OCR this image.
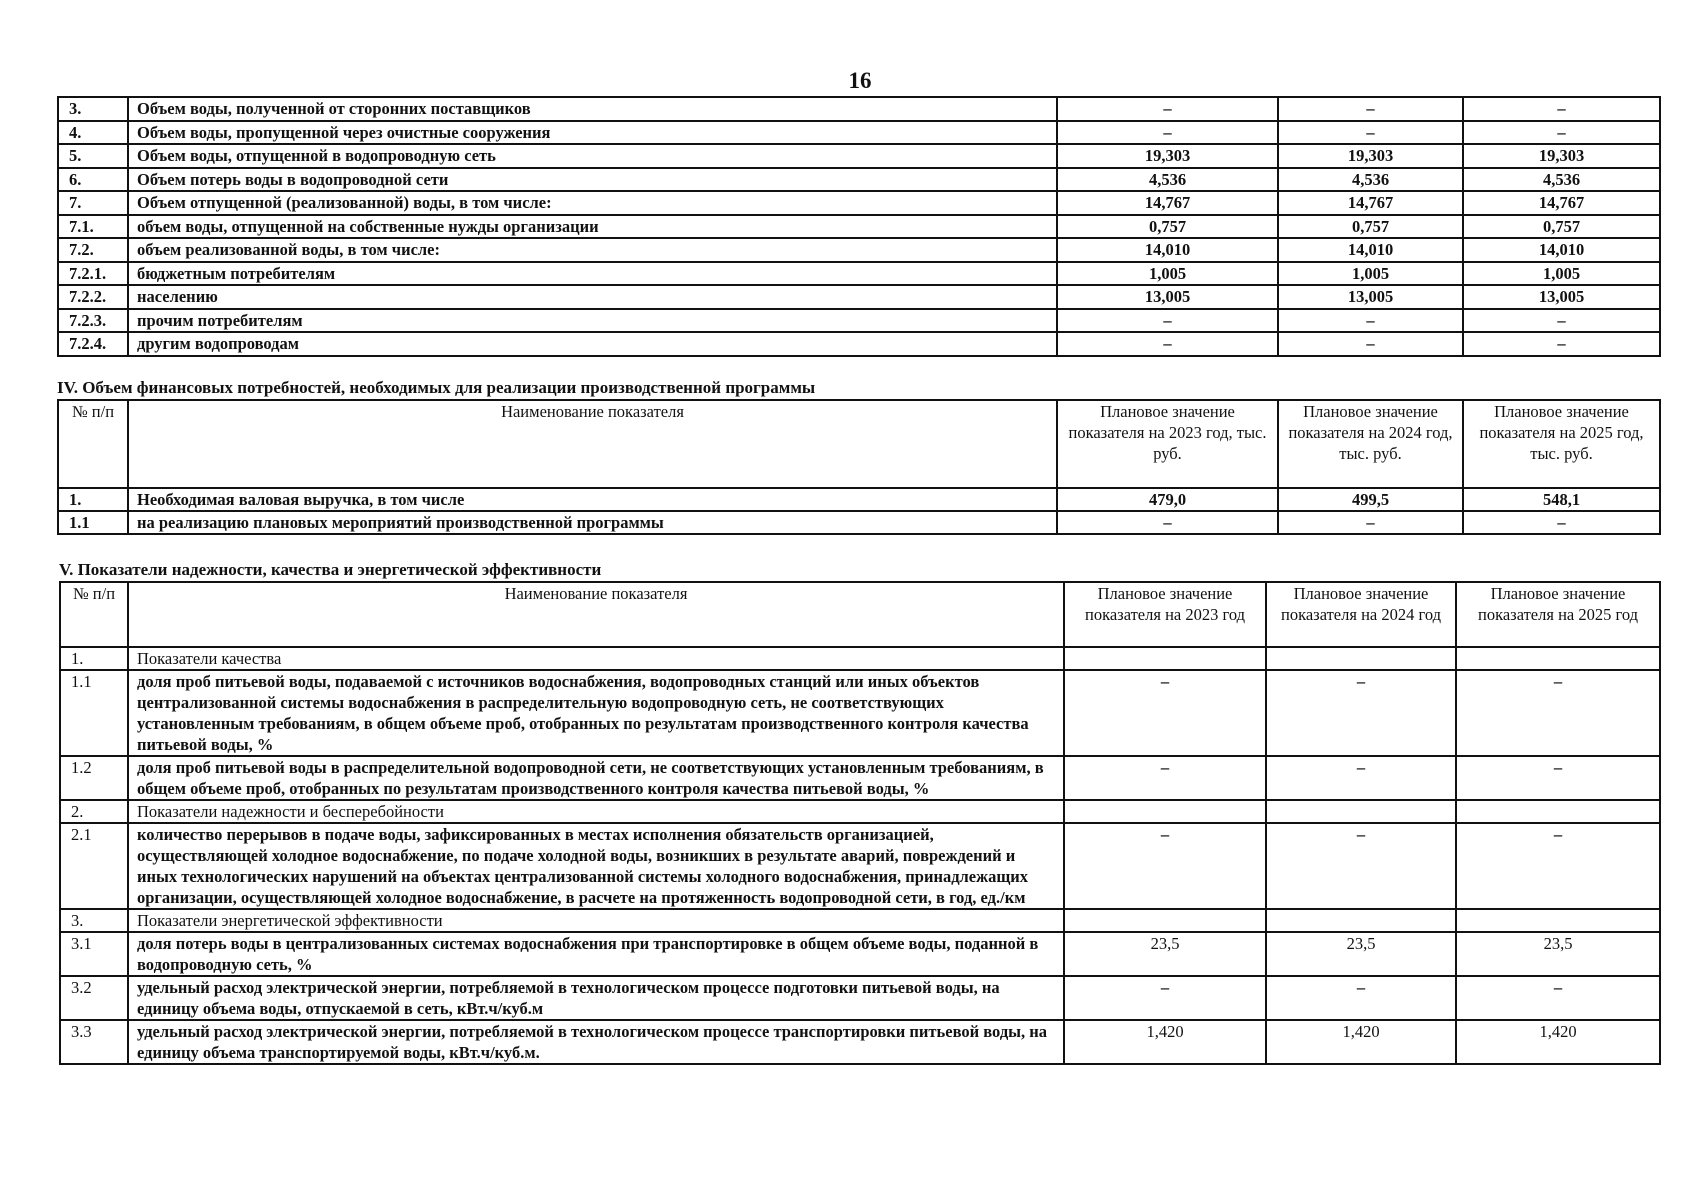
16
3.	Объем воды, полученной от сторонних поставщиков	–	–	–
4.	Объем воды, пропущенной через очистные сооружения	–	–	–
5.	Объем воды, отпущенной в водопроводную сеть	19,303	19,303	19,303
6.	Объем потерь воды в водопроводной сети	4,536	4,536	4,536
7.	Объем отпущенной (реализованной) воды, в том числе:	14,767	14,767	14,767
7.1.	объем воды, отпущенной на собственные нужды организации	0,757	0,757	0,757
7.2.	объем реализованной воды, в том числе:	14,010	14,010	14,010
7.2.1.	бюджетным потребителям	1,005	1,005	1,005
7.2.2.	населению	13,005	13,005	13,005
7.2.3.	прочим потребителям	–	–	–
7.2.4.	другим водопроводам	–	–	–
IV. Объем финансовых потребностей, необходимых для реализации производственной программы
№ п/п	Наименование показателя	Плановое значение показателя на 2023 год, тыс. руб.	Плановое значение показателя на 2024 год, тыс. руб.	Плановое значение показателя на 2025 год, тыс. руб.
1.	Необходимая валовая выручка, в том числе	479,0	499,5	548,1
1.1	на реализацию плановых мероприятий производственной программы	–	–	–
V. Показатели надежности, качества и энергетической эффективности
№ п/п	Наименование показателя	Плановое значение показателя на 2023 год	Плановое значение показателя на 2024 год	Плановое значение показателя на 2025 год
1.	Показатели качества			
1.1	доля проб питьевой воды, подаваемой с источников водоснабжения, водопроводных станций или иных объектов централизованной системы водоснабжения в распределительную водопроводную сеть, не соответствующих установленным требованиям, в общем объеме проб, отобранных по результатам производственного контроля качества питьевой воды, %	–	–	–
1.2	доля проб питьевой воды в распределительной водопроводной сети, не соответствующих установленным требованиям, в общем объеме проб, отобранных по результатам производственного контроля качества питьевой воды, %	–	–	–
2.	Показатели надежности и бесперебойности			
2.1	количество перерывов в подаче воды, зафиксированных в местах исполнения обязательств организацией, осуществляющей холодное водоснабжение, по подаче холодной воды, возникших в результате аварий, повреждений и иных технологических нарушений на объектах централизованной системы холодного водоснабжения, принадлежащих организации, осуществляющей холодное водоснабжение, в расчете на протяженность водопроводной сети, в год, ед./км	–	–	–
3.	Показатели энергетической эффективности			
3.1	доля потерь воды в централизованных системах водоснабжения при транспортировке в общем объеме воды, поданной в водопроводную сеть, %	23,5	23,5	23,5
3.2	удельный расход электрической энергии, потребляемой в технологическом процессе подготовки питьевой воды, на единицу объема воды, отпускаемой в сеть, кВт.ч/куб.м	–	–	–
3.3	удельный расход электрической энергии, потребляемой в технологическом процессе транспортировки питьевой воды, на единицу объема транспортируемой воды, кВт.ч/куб.м.	1,420	1,420	1,420
